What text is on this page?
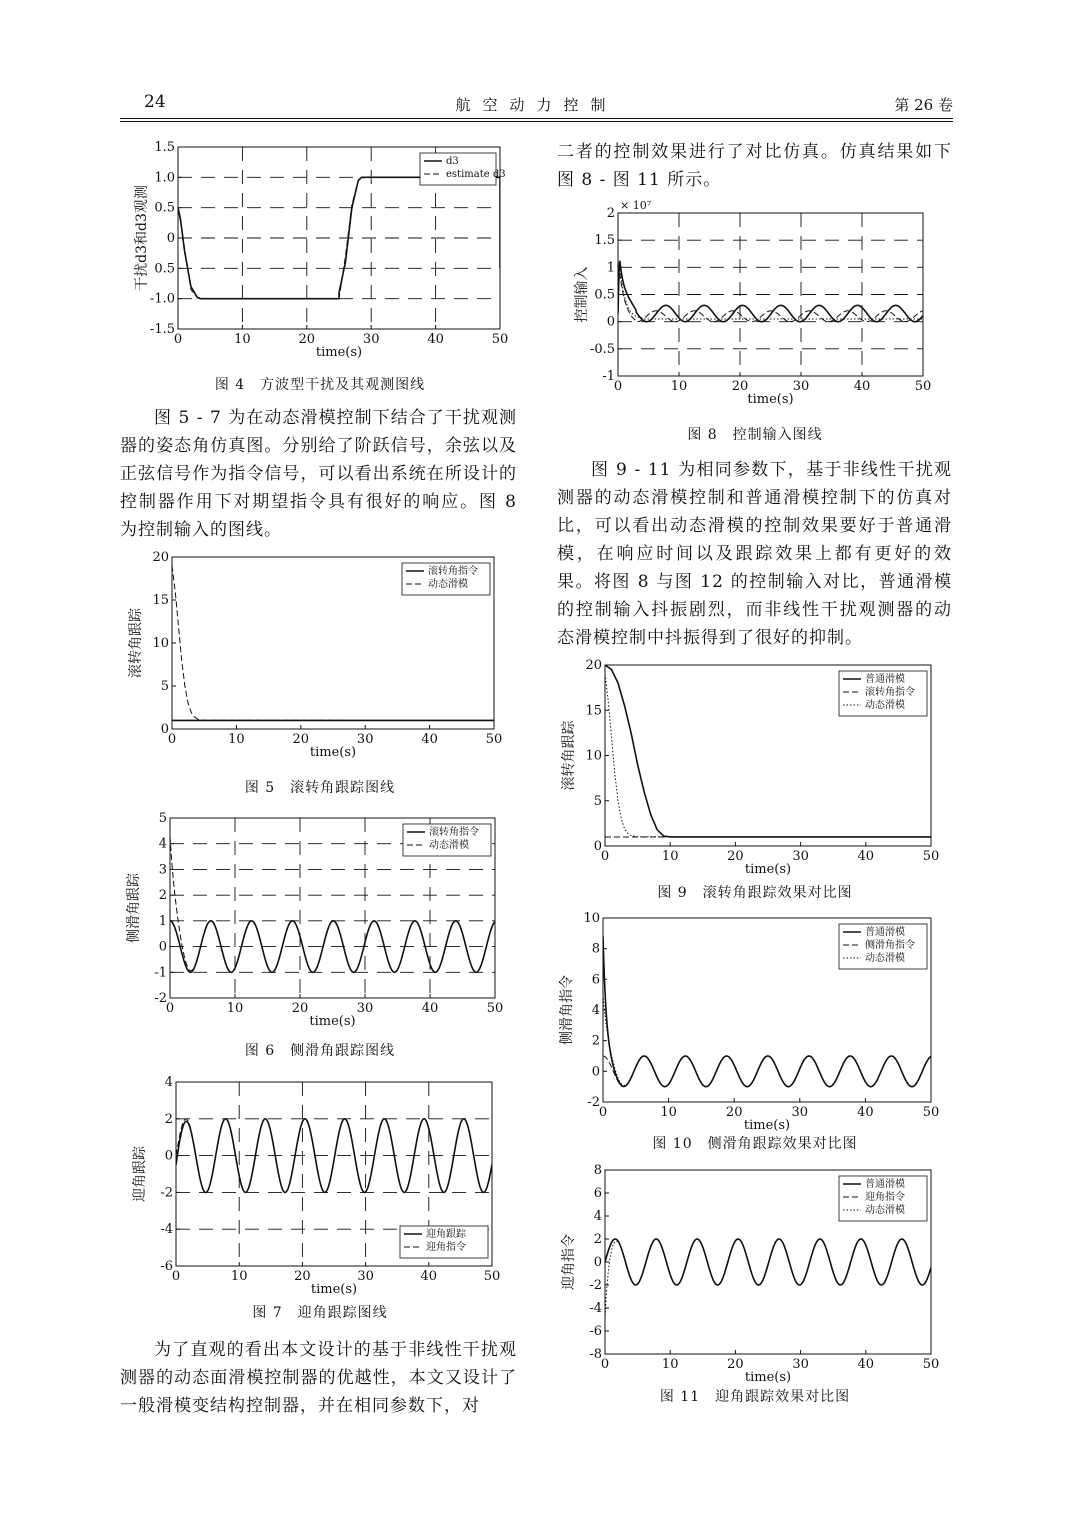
24	航空动力控制	第 26 卷
0	10	20	30	40	50
-1.5
-1.0
0.5
0
0.5
1.0
1.5
time(s)
干扰d3和d3观测
d3
estimate d3
图 4　方波型干扰及其观测图线

图 5 - 7 为在动态滑模控制下结合了干扰观测器的姿态角仿真图。分别给了阶跃信号，余弦以及正弦信号作为指令信号，可以看出系统在所设计的控制器作用下对期望指令具有很好的响应。图 8 为控制输入的图线。

0	10	20	30	40	50
0
5
10
15
20
time(s)
滚转角跟踪
滚转角指令
动态滑模
图 5　滚转角跟踪图线
0	10	20	30	40	50
-2
-1
0
1
2
3
4
5
time(s)
侧滑角跟踪
滚转角指令
动态滑模
图 6　侧滑角跟踪图线
0	10	20	30	40	50
-6
-4
-2
0
2
4
time(s)
迎角跟踪
迎角跟踪
迎角指令
图 7　迎角跟踪图线

为了直观的看出本文设计的基于非线性干扰观测器的动态面滑模控制器的优越性，本文又设计了一般滑模变结构控制器，并在相同参数下，对

二者的控制效果进行了对比仿真。仿真结果如下图 8 - 图 11 所示。

0	10	20	30	40	50
-1
-0.5
0
0.5
1
1.5
2
time(s)
控制输入
× 10⁷
图 8　控制输入图线

图 9 - 11 为相同参数下，基于非线性干扰观测器的动态滑模控制和普通滑模控制下的仿真对比，可以看出动态滑模的控制效果要好于普通滑模，在响应时间以及跟踪效果上都有更好的效果。将图 8 与图 12 的控制输入对比，普通滑模的控制输入抖振剧烈，而非线性干扰观测器的动态滑模控制中抖振得到了很好的抑制。

0	10	20	30	40	50
0
5
10
15
20
time(s)
滚转角跟踪
普通滑模
滚转角指令
动态滑模
图 9　滚转角跟踪效果对比图
0	10	20	30	40	50
-2
0
2
4
6
8
10
time(s)
侧滑角指令
普通滑模
侧滑角指令
动态滑模
图 10　侧滑角跟踪效果对比图
0	10	20	30	40	50
-8
-6
-4
-2
0
2
4
6
8
time(s)
迎角指令
普通滑模
迎角指令
动态滑模
图 11　迎角跟踪效果对比图
